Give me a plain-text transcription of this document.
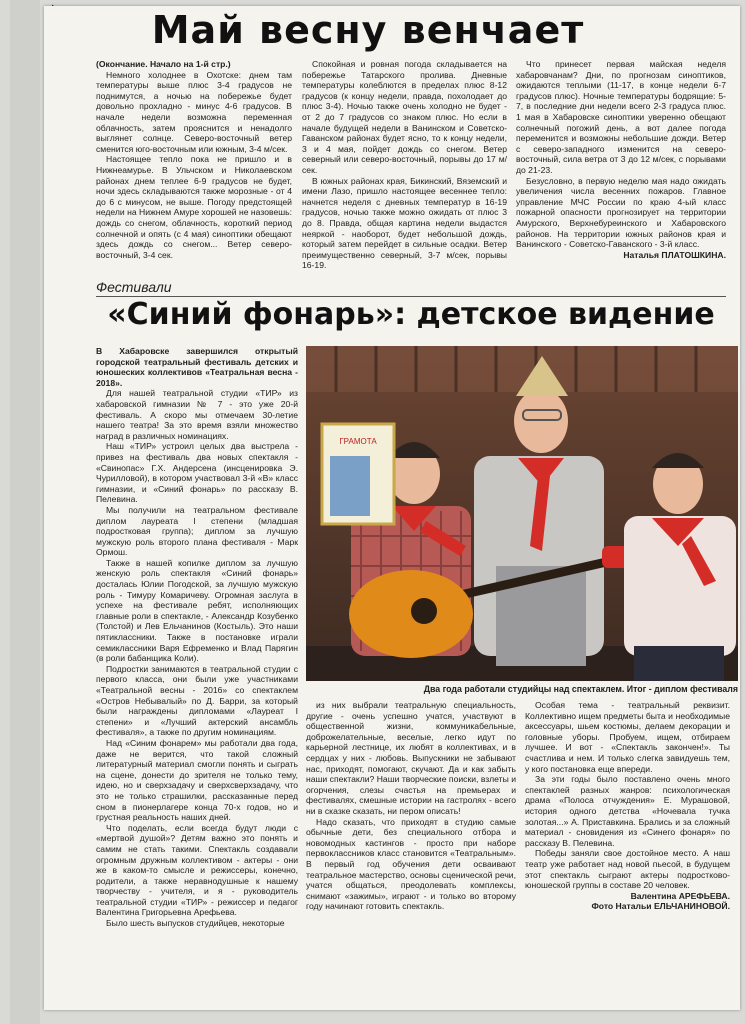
Май весну венчает

(Окончание. Начало на 1-й стр.)

Немного холоднее в Охотске: днем там температуры выше плюс 3-4 градусов не поднимутся, а ночью на побережье будет довольно прохладно - минус 4-6 градусов. В начале недели возможна переменная облачность, затем прояснится и ненадолго выглянет солнце. Северо-восточный ветер сменится юго-восточным или южным, 3-4 м/сек.

Настоящее тепло пока не пришло и в Нижнеамурье. В Ульчском и Николаевском районах днем теплее 6-9 градусов не будет, ночи здесь складываются также морозные - от 4 до 6 с минусом, не выше. Погоду предстоящей недели на Нижнем Амуре хорошей не назовешь: дождь со снегом, облачность, короткий период солнечной и опять (с 4 мая) синоптики обещают здесь дождь со снегом... Ветер северо-восточный, 3-4 сек.

Спокойная и ровная погода складывается на побережье Татарского пролива. Дневные температуры колеблются в пределах плюс 8-12 градусов (к концу недели, правда, похолодает до плюс 3-4). Ночью также очень холодно не будет - от 2 до 7 градусов со знаком плюс. Но если в начале будущей недели в Ванинском и Советско-Гаванском районах будет ясно, то к концу недели, 3 и 4 мая, пойдет дождь со снегом. Ветер северный или северо-восточный, порывы до 17 м/сек.

В южных районах края, Бикинский, Вяземский и имени Лазо, пришло настоящее весеннее тепло: начнется неделя с дневных температур в 16-19 градусов, ночью также можно ожидать от плюс 3 до 8. Правда, общая картина недели выдастся неяркой - наоборот, будет небольшой дождь, который затем перейдет в сильные осадки. Ветер преимущественно северный, 3-7 м/сек, порывы 16-19.

Что принесет первая майская неделя хабаровчанам? Дни, по прогнозам синоптиков, ожидаются теплыми (11-17, в конце недели 6-7 градусов плюс). Ночные температуры бодрящие: 5-7, в последние дни недели всего 2-3 градуса плюс. 1 мая в Хабаровске синоптики уверенно обещают солнечный погожий день, а вот далее погода переменится и возможны небольшие дожди. Ветер с северо-западного изменится на северо-восточный, сила ветра от 3 до 12 м/сек, с порывами до 21-23.

Безусловно, в первую неделю мая надо ожидать увеличения числа весенних пожаров. Главное управление МЧС России по краю 4-ый класс пожарной опасности прогнозирует на территории Амурского, Верхнебуреинского и Хабаровского районов. На территории южных районов края и Ванинского - Советско-Гаванского - 3-й класс.

Наталья ПЛАТОШКИНА.

Фестивали
«Синий фонарь»: детское видение

В Хабаровске завершился открытый городской театральный фестиваль детских и юношеских коллективов «Театральная весна - 2018».

Для нашей театральной студии «ТИР» из хабаровской гимназии № 7 - это уже 20-й фестиваль. А скоро мы отмечаем 30-летие нашего театра! За это время взяли множество наград в различных номинациях.

Наш «ТИР» устроил целых два выстрела - привез на фестиваль два новых спектакля - «Свинопас» Г.Х. Андерсена (инсценировка Э. Чурилловой), в котором участвовал 3-й «В» класс гимназии, и «Синий фонарь» по рассказу В. Пелевина.

Мы получили на театральном фестивале диплом лауреата I степени (младшая подростковая группа); диплом за лучшую мужскую роль второго плана фестиваля - Марк Ормош.

Также в нашей копилке диплом за лучшую женскую роль спектакля «Синий фонарь» досталась Юлии Погодской, за лучшую мужскую роль - Тимуру Комаричеву. Огромная заслуга в успехе на фестивале ребят, исполняющих главные роли в спектакле, - Александр Козубенко (Толстой) и Лев Ельчанинов (Костыль). Это наши пятиклассники. Также в постановке играли семиклассники Варя Ефременко и Влад Парягин (в роли бабанщика Коли).

Подростки занимаются в театральной студии с первого класса, они были уже участниками «Театральной весны - 2016» со спектаклем «Остров Небывалый» по Д. Барри, за который были награждены дипломами «Лауреат I степени» и «Лучший актерский ансамбль фестиваля», а также по другим номинациям.

Над «Синим фонарем» мы работали два года, даже не верится, что такой сложный литературный материал смогли понять и сыграть на сцене, донести до зрителя не только тему, идею, но и сверхзадачу и сверхсверхзадачу, что это не только страшилки, рассказанные перед сном в пионерлагере конца 70-х годов, но и грустная реальность наших дней.

Что поделать, если всегда будут люди с «мертвой душой»? Детям важно это понять и самим не стать такими. Спектакль создавали огромным дружным коллективом - актеры - они же в каком-то смысле и режиссеры, конечно, родители, а также неравнодушные к нашему творчеству - учителя, и я - руководитель театральной студии «ТИР» - режиссер и педагог Валентина Григорьевна Арефьева.

Было шесть выпусков студийцев, некоторые

ГРАМОТА
Два года работали студийцы над спектаклем. Итог - диплом фестиваля

из них выбрали театральную специальность, другие - очень успешно учатся, участвуют в общественной жизни, коммуникабельные, доброжелательные, веселые, легко идут по карьерной лестнице, их любят в коллективах, и в сердцах у них - любовь. Выпускники не забывают нас, приходят, помогают, скучают. Да и как забыть наши спектакли? Наши творческие поиски, взлеты и огорчения, слезы счастья на премьерах и фестивалях, смешные истории на гастролях - всего ни в сказке сказать, ни пером описать!

Надо сказать, что приходят в студию самые обычные дети, без специального отбора и новомодных кастингов - просто при наборе первоклассников класс становится «Театральным». В первый год обучения дети осваивают театральное мастерство, основы сценической речи, учатся общаться, преодолевать комплексы, снимают «зажимы», играют - и только во второму году начинают готовить спектакль.

Особая тема - театральный реквизит. Коллективно ищем предметы быта и необходимые аксессуары, шьем костюмы, делаем декорации и головные уборы. Пробуем, ищем, отбираем лучшее. И вот - «Спектакль закончен!». Ты счастлива и нем. И только слегка завидуешь тем, у кого постановка еще впереди.

За эти годы было поставлено очень много спектаклей разных жанров: психологическая драма «Полоса отчуждения» Е. Мурашовой, история одного детства «Ночевала тучка золотая...» А. Приставкина. Брались и за сложный материал - сновидения из «Синего фонаря» по рассказу В. Пелевина.

Победы заняли свое достойное место. А наш театр уже работает над новой пьесой, в будущем этот спектакль сыграют актеры подростково-юношеской группы в составе 20 человек.

Валентина АРЕФЬЕВА.

Фото Натальи ЕЛЬЧАНИНОВОЙ.
